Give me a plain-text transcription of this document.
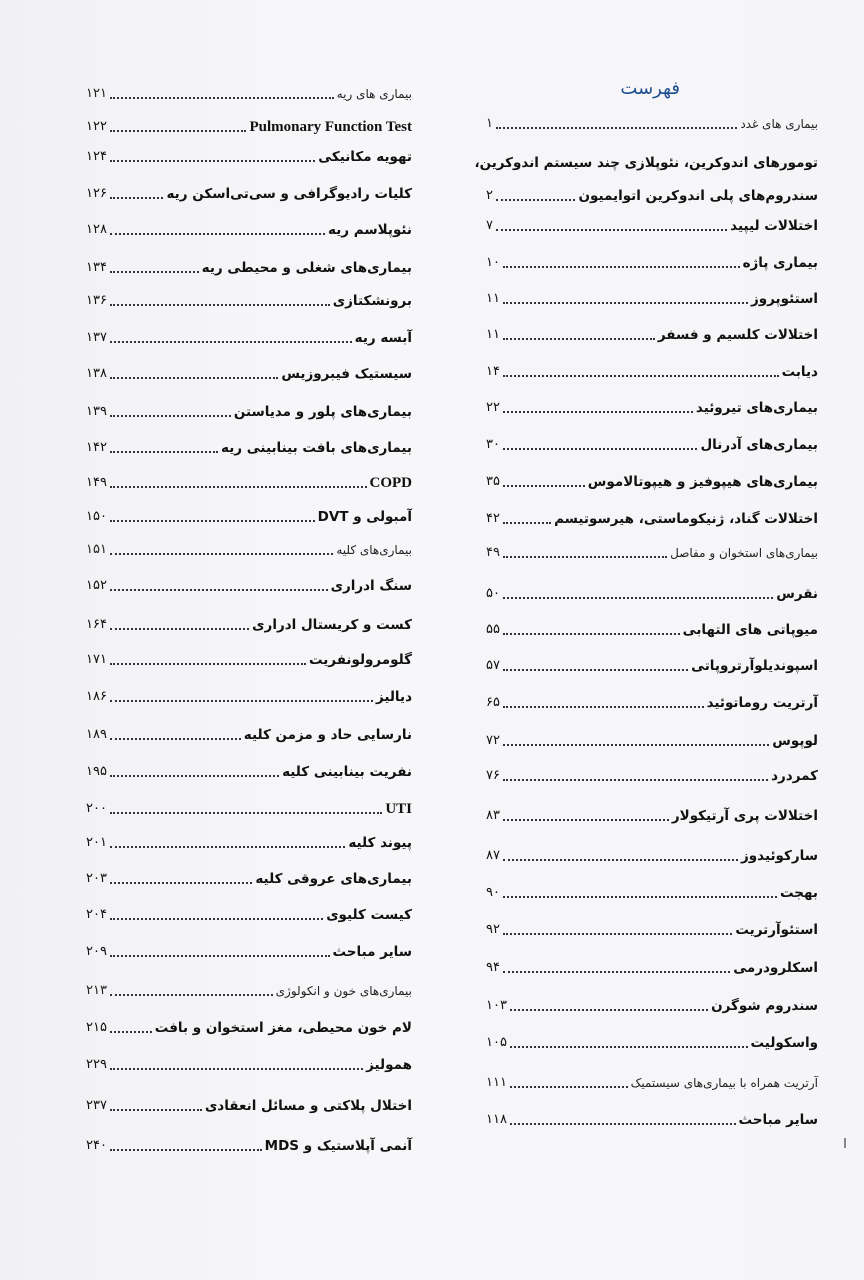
فهرست
بیماری های غدد
۱
تومورهای اندوکرین، نئوپلازی چند سیستم اندوکرین،
سندروم‌های پلی اندوکرین اتوایمیون
۲
اختلالات لیپید
۷
بیماری پاژه
۱۰
استئوپروز
۱۱
اختلالات کلسیم و فسفر
۱۱
دیابت
۱۴
بیماری‌های تیروئید
۲۲
بیماری‌های آدرنال
۳۰
بیماری‌های هیپوفیز و هیپوتالاموس
۳۵
اختلالات گناد، ژنیکوماستی، هیرسوتیسم
۴۲
بیماری‌های استخوان و مفاصل
۴۹
نقرس
۵۰
میوپاتی های التهابی
۵۵
اسپوندیلوآرتروپاتی
۵۷
آرتریت روماتوئید
۶۵
لوپوس
۷۲
کمردرد
۷۶
اختلالات پری آرتیکولار
۸۳
سارکوئیدوز
۸۷
بهجت
۹۰
استئوآرتریت
۹۲
اسکلرودرمی
۹۴
سندروم شوگرن
۱۰۳
واسکولیت
۱۰۵
آرتریت همراه با بیماری‌های سیستمیک
۱۱۱
سایر مباحث
۱۱۸
بیماری های ریه
۱۲۱
Pulmonary Function Test
۱۲۲
تهویه مکانیکی
۱۲۴
کلیات رادیوگرافی و سی‌تی‌اسکن ریه
۱۲۶
نئوپلاسم ریه
۱۲۸
بیماری‌های شغلی و محیطی ریه
۱۳۴
برونشکتازی
۱۳۶
آبسه ریه
۱۳۷
سیستیک فیبروزیس
۱۳۸
بیماری‌های پلور و مدیاستن
۱۳۹
بیماری‌های بافت بینابینی ریه
۱۴۲
COPD
۱۴۹
آمبولی و DVT
۱۵۰
بیماری‌های کلیه
۱۵۱
سنگ ادراری
۱۵۲
کست و کریستال ادراری
۱۶۴
گلومرولونفریت
۱۷۱
دیالیز
۱۸۶
نارسایی حاد و مزمن کلیه
۱۸۹
نفریت بینابینی کلیه
۱۹۵
UTI
۲۰۰
پیوند کلیه
۲۰۱
بیماری‌های عروقی کلیه
۲۰۳
کیست کلیوی
۲۰۴
سایر مباحث
۲۰۹
بیماری‌های خون و انکولوژی
۲۱۳
لام خون محیطی، مغز استخوان و بافت
۲۱۵
همولیز
۲۲۹
اختلال پلاکتی و مسائل انعقادی
۲۳۷
آنمی آپلاستیک و MDS
۲۴۰
